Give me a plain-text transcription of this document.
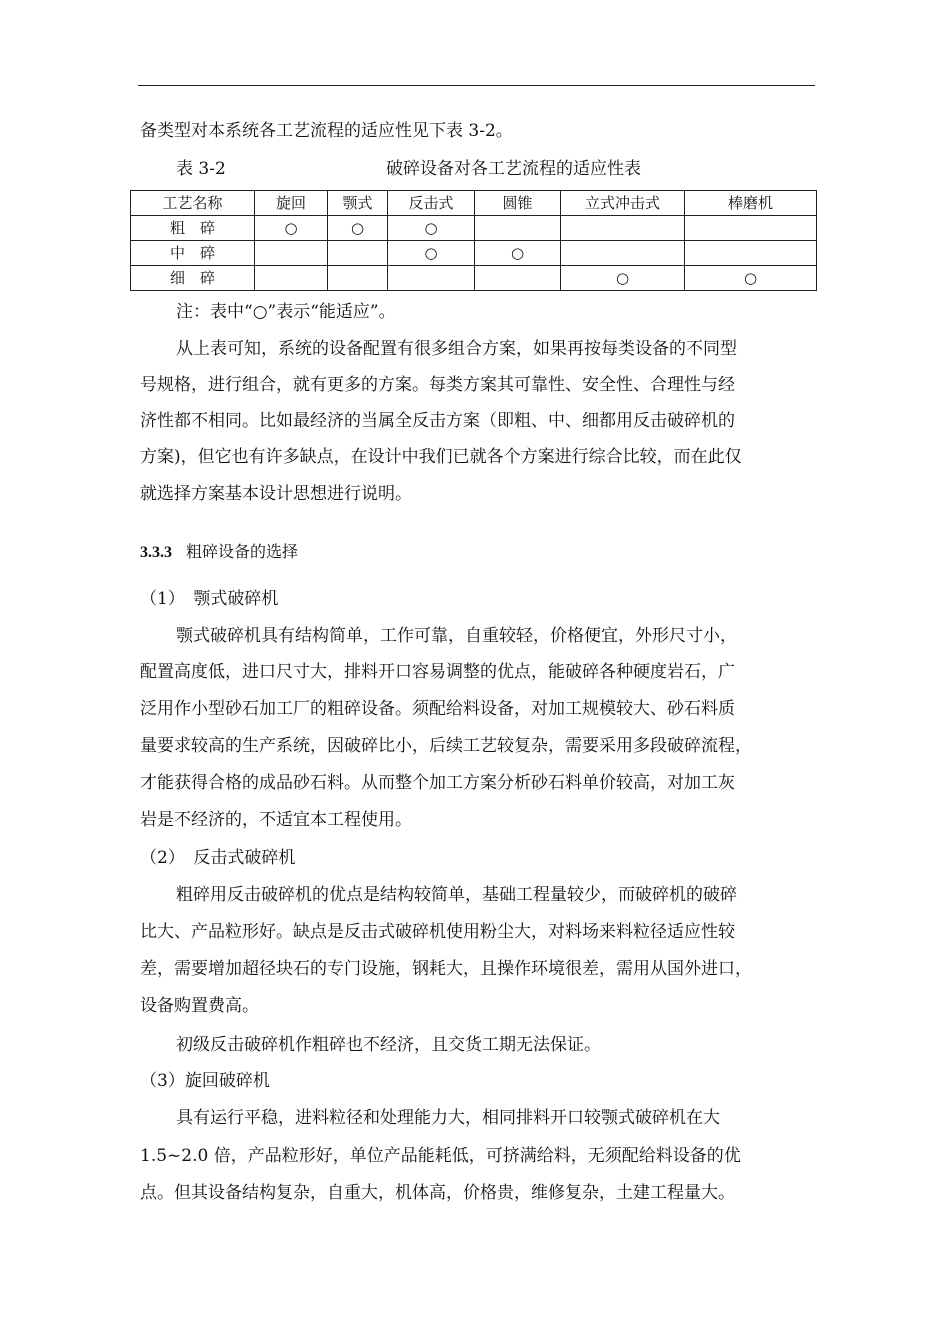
备类型对本系统各工艺流程的适应性见下表 3-2。
表 3-2	破碎设备对各工艺流程的适应性表
工艺名称	旋回	颚式	反击式	圆锥	立式冲击式	棒磨机
粗　碎	○	○	○			
中　碎			○	○		
细　碎					○	○
注：表中“○”表示“能适应”。
从上表可知，系统的设备配置有很多组合方案，如果再按每类设备的不同型
号规格，进行组合，就有更多的方案。每类方案其可靠性、安全性、合理性与经
济性都不相同。比如最经济的当属全反击方案（即粗、中、细都用反击破碎机的
方案)，但它也有许多缺点，在设计中我们已就各个方案进行综合比较，而在此仅
就选择方案基本设计思想进行说明。
3.3.3 粗碎设备的选择
（1）　颚式破碎机
颚式破碎机具有结构简单，工作可靠，自重较轻，价格便宜，外形尺寸小，
配置高度低，进口尺寸大，排料开口容易调整的优点，能破碎各种硬度岩石，广
泛用作小型砂石加工厂的粗碎设备。须配给料设备，对加工规模较大、砂石料质
量要求较高的生产系统，因破碎比小，后续工艺较复杂，需要采用多段破碎流程，
才能获得合格的成品砂石料。从而整个加工方案分析砂石料单价较高，对加工灰
岩是不经济的，不适宜本工程使用。
（2）　反击式破碎机
粗碎用反击破碎机的优点是结构较简单，基础工程量较少，而破碎机的破碎
比大、产品粒形好。缺点是反击式破碎机使用粉尘大，对料场来料粒径适应性较
差，需要增加超径块石的专门设施，钢耗大，且操作环境很差，需用从国外进口，
设备购置费高。
初级反击破碎机作粗碎也不经济，且交货工期无法保证。
（3）旋回破碎机
具有运行平稳，进料粒径和处理能力大，相同排料开口较颚式破碎机在大
1.5~2.0 倍，产品粒形好，单位产品能耗低，可挤满给料，无须配给料设备的优
点。但其设备结构复杂，自重大，机体高，价格贵，维修复杂，土建工程量大。
